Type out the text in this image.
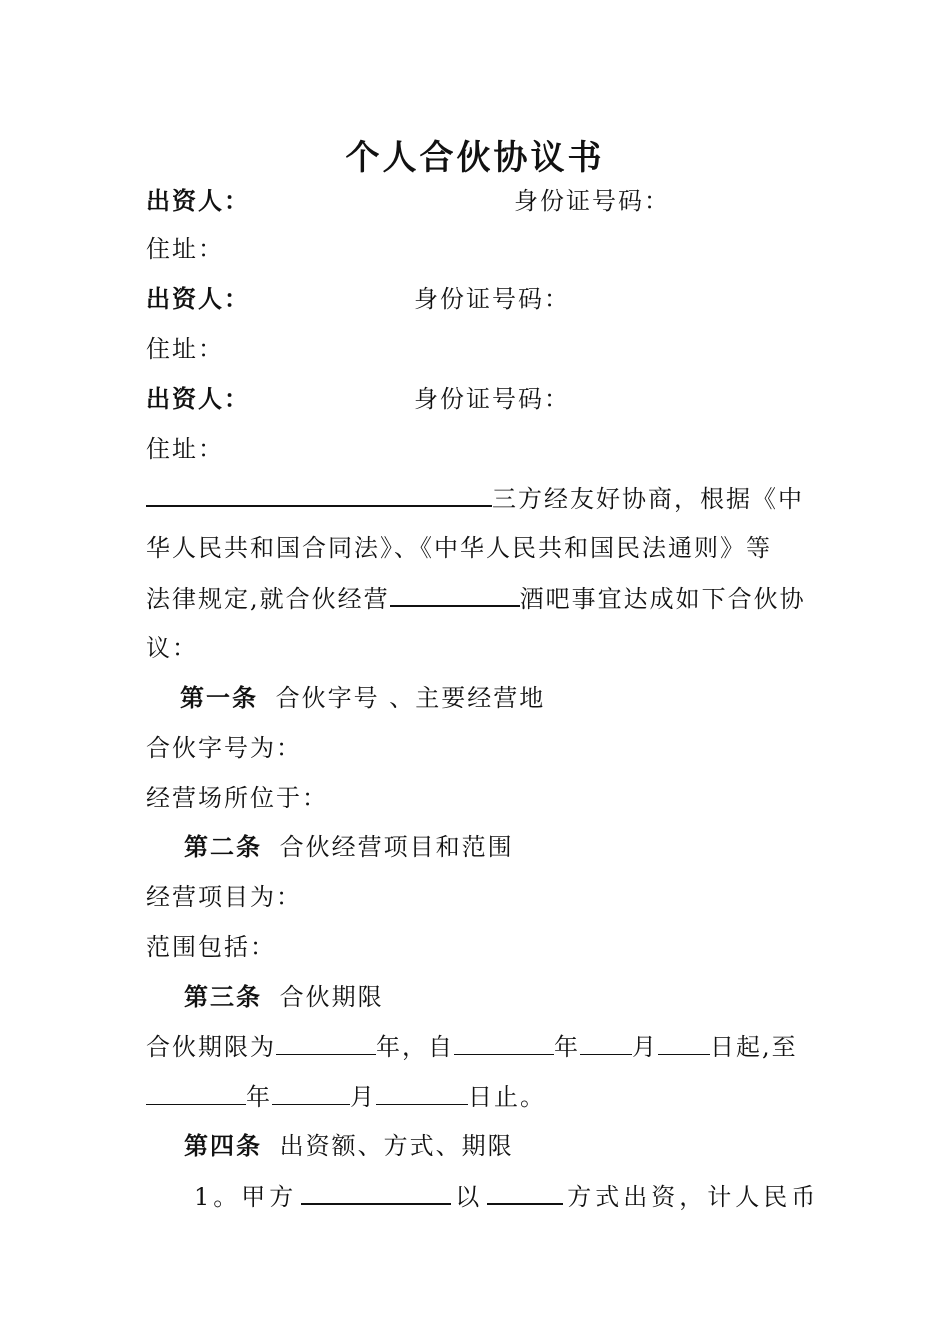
个人合伙协议书
出资人：	身份证号码：
住址：
出资人：	身份证号码：
住址：
出资人：	身份证号码：
住址：
三方经友好协商，根据《中
华人民共和国合同法》、《中华人民共和国民法通则》等
法律规定,就合伙经营	酒吧事宜达成如下合伙协
议：
第一条 合伙字号 、主要经营地
合伙字号为：
经营场所位于：
第二条 合伙经营项目和范围
经营项目为：
范围包括：
第三条 合伙期限
合伙期限为	年，自	年 月 日起,至
年	月	日止。
第四条 出资额、方式、期限
1。甲方	以	方式出资，计人民币
